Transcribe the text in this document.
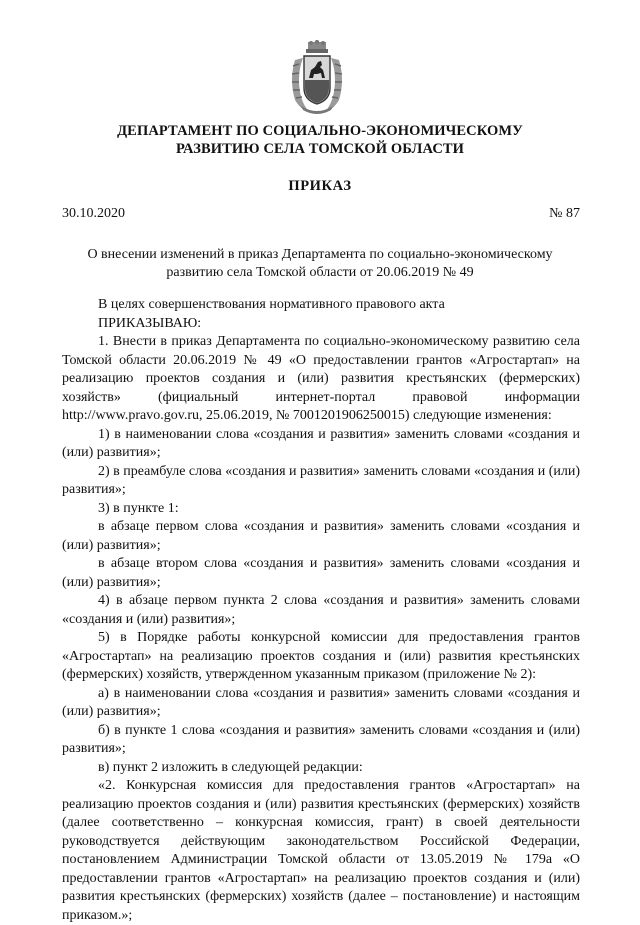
ДЕПАРТАМЕНТ ПО СОЦИАЛЬНО-ЭКОНОМИЧЕСКОМУ
РАЗВИТИЮ СЕЛА ТОМСКОЙ ОБЛАСТИ
ПРИКАЗ
30.10.2020	№ 87
О внесении изменений в приказ Департамента по социально-экономическому
развитию села Томской области от 20.06.2019 № 49

В целях совершенствования нормативного правового акта

ПРИКАЗЫВАЮ:

1. Внести в приказ Департамента по социально-экономическому развитию села Томской области 20.06.2019 № 49 «О предоставлении грантов «Агростартап» на реализацию проектов создания и (или) развития крестьянских (фермерских) хозяйств» (фициальный интернет-портал правовой информации http://www.pravo.gov.ru, 25.06.2019, № 7001201906250015) следующие изменения:

1) в наименовании слова «создания и развития» заменить словами «создания и (или) развития»;

2) в преамбуле слова «создания и развития» заменить словами «создания и (или) развития»;

3) в пункте 1:

в абзаце первом слова «создания и развития» заменить словами «создания и (или) развития»;

в абзаце втором слова «создания и развития» заменить словами «создания и (или) развития»;

4) в абзаце первом пункта 2 слова «создания и развития» заменить словами «создания и (или) развития»;

5) в Порядке работы конкурсной комиссии для предоставления грантов «Агростартап» на реализацию проектов создания и (или) развития крестьянских (фермерских) хозяйств, утвержденном указанным приказом (приложение № 2):

а) в наименовании слова «создания и развития» заменить словами «создания и (или) развития»;

б) в пункте 1 слова «создания и развития» заменить словами «создания и (или) развития»;

в) пункт 2 изложить в следующей редакции:

«2. Конкурсная комиссия для предоставления грантов «Агростартап» на реализацию проектов создания и (или) развития крестьянских (фермерских) хозяйств (далее соответственно – конкурсная комиссия, грант) в своей деятельности руководствуется действующим законодательством Российской Федерации, постановлением Администрации Томской области от 13.05.2019 № 179а «О предоставлении грантов «Агростартап» на реализацию проектов создания и (или) развития крестьянских (фермерских) хозяйств (далее – постановление) и настоящим приказом.»;
